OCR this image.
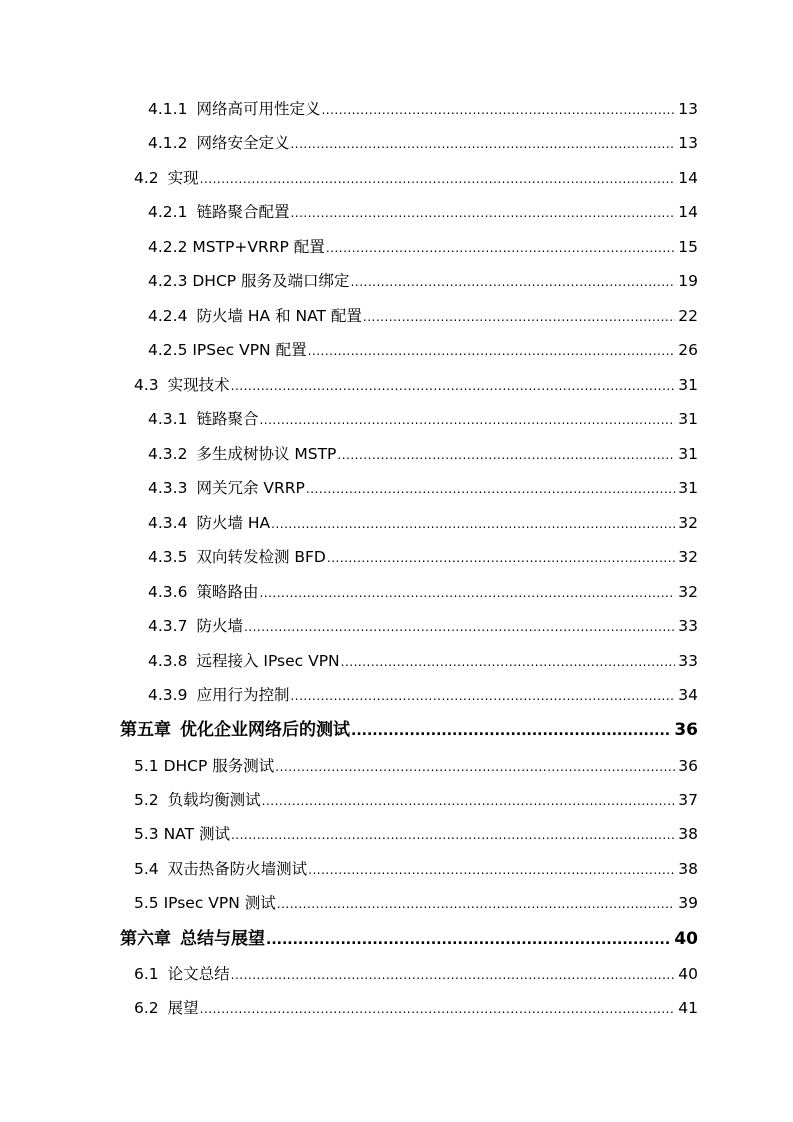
4.1.1 网络高可用性定义 .....	13
4.1.2 网络安全定义 .....	13
4.2 实现 .....	14
4.2.1 链路聚合配置 .....	14
4.2.2 MSTP+VRRP 配置 .....	15
4.2.3 DHCP 服务及端口绑定 .....	19
4.2.4 防火墙 HA 和 NAT 配置 .....	22
4.2.5 IPSec VPN 配置 .....	26
4.3 实现技术 .....	31
4.3.1 链路聚合 .....	31
4.3.2 多生成树协议 MSTP .....	31
4.3.3 网关冗余 VRRP .....	31
4.3.4 防火墙 HA .....	32
4.3.5 双向转发检测 BFD .....	32
4.3.6 策略路由 .....	32
4.3.7 防火墙 .....	33
4.3.8 远程接入 IPsec VPN .....	33
4.3.9 应用行为控制 .....	34
第五章 优化企业网络后的测试 .....	36
5.1 DHCP 服务测试 .....	36
5.2 负载均衡测试 .....	37
5.3 NAT 测试 .....	38
5.4 双击热备防火墙测试 .....	38
5.5 IPsec VPN 测试 .....	39
第六章 总结与展望 .....	40
6.1 论文总结 .....	40
6.2 展望 .....	41
